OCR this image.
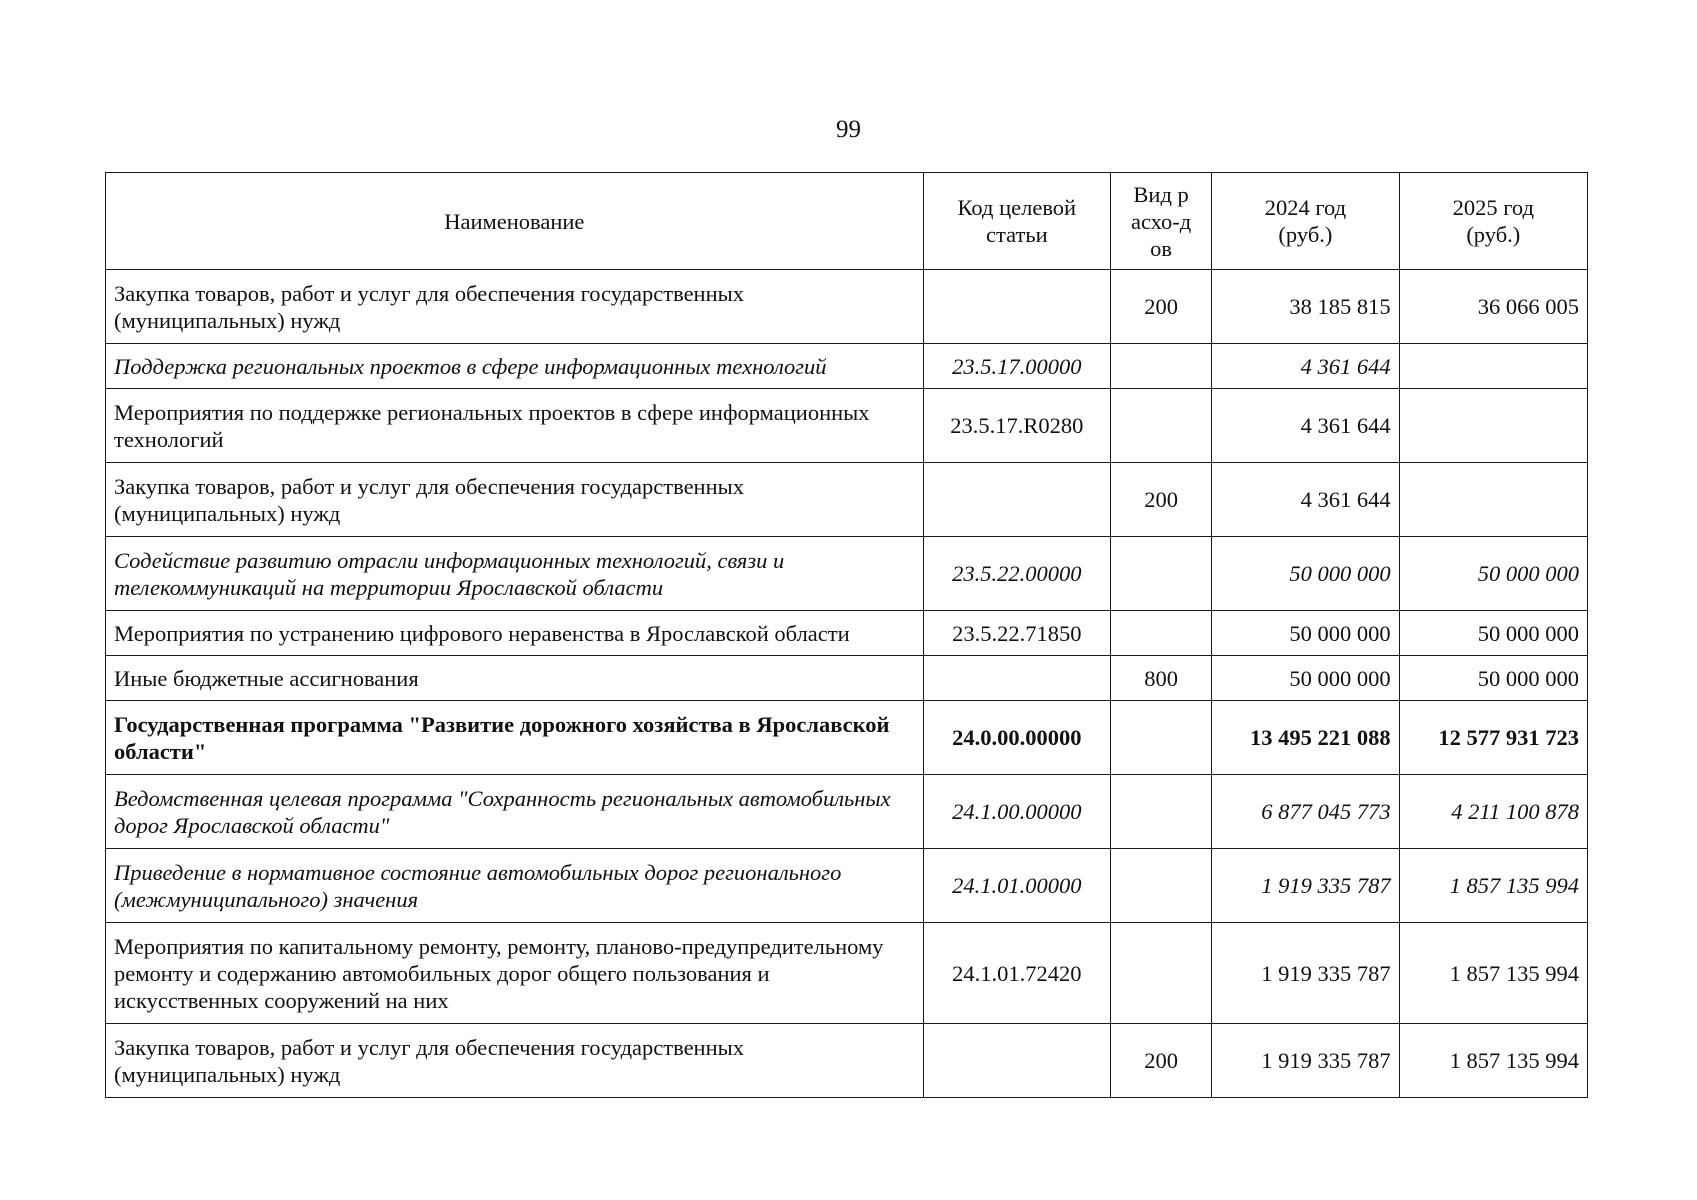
99
Наименование	Код целевой статьи	Вид расхо-дов	2024 год (руб.)	2025 год (руб.)
Закупка товаров, работ и услуг для обеспечения государственных (муниципальных) нужд		200	38 185 815	36 066 005
Поддержка региональных проектов в сфере информационных технологий	23.5.17.00000		4 361 644	
Мероприятия по поддержке региональных проектов в сфере информационных технологий	23.5.17.R0280		4 361 644	
Закупка товаров, работ и услуг для обеспечения государственных (муниципальных) нужд		200	4 361 644	
Содействие развитию отрасли информационных технологий, связи и телекоммуникаций на территории Ярославской области	23.5.22.00000		50 000 000	50 000 000
Мероприятия по устранению цифрового неравенства в Ярославской области	23.5.22.71850		50 000 000	50 000 000
Иные бюджетные ассигнования		800	50 000 000	50 000 000
Государственная программа "Развитие дорожного хозяйства в Ярославской области"	24.0.00.00000		13 495 221 088	12 577 931 723
Ведомственная целевая программа "Сохранность региональных автомобильных дорог Ярославской области"	24.1.00.00000		6 877 045 773	4 211 100 878
Приведение в нормативное состояние автомобильных дорог регионального (межмуниципального) значения	24.1.01.00000		1 919 335 787	1 857 135 994
Мероприятия по капитальному ремонту, ремонту, планово-предупредительному ремонту и содержанию автомобильных дорог общего пользования и искусственных сооружений на них	24.1.01.72420		1 919 335 787	1 857 135 994
Закупка товаров, работ и услуг для обеспечения государственных (муниципальных) нужд		200	1 919 335 787	1 857 135 994
